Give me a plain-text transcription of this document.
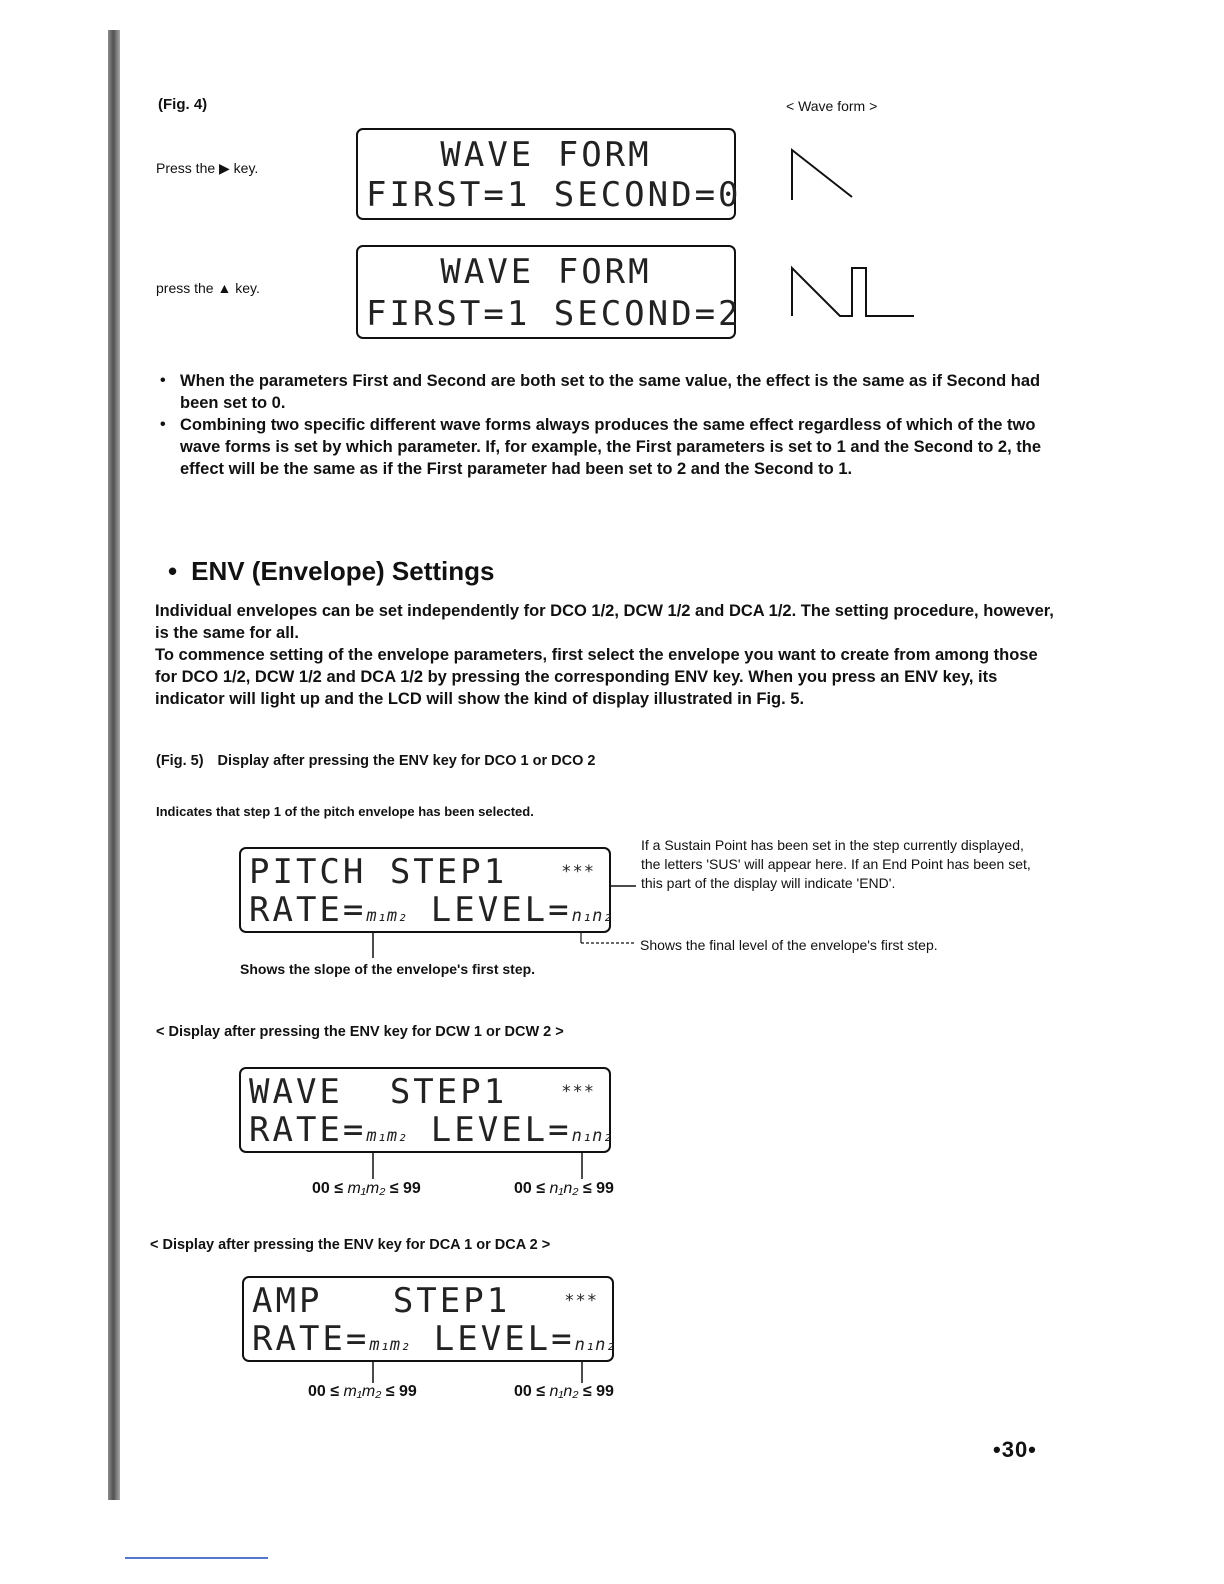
(Fig. 4)	< Wave form >
Press the ▶ key.
press the ▲ key.
WAVE FORM
FIRST=1 SECOND=0
WAVE FORM
FIRST=1 SECOND=2
• When the parameters First and Second are both set to the same value, the effect is the same as if Second had been set to 0.
• Combining two specific different wave forms always produces the same effect regardless of which of the two wave forms is set by which parameter. If, for example, the First parameters is set to 1 and the Second to 2, the effect will be the same as if the First parameter had been set to 2 and the Second to 1.
• ENV (Envelope) Settings

Individual envelopes can be set independently for DCO 1/2, DCW 1/2 and DCA 1/2. The setting procedure, however, is the same for all.

To commence setting of the envelope parameters, first select the envelope you want to create from among those for DCO 1/2, DCW 1/2 and DCA 1/2 by pressing the corresponding ENV key. When you press an ENV key, its indicator will light up and the LCD will show the kind of display illustrated in Fig. 5.

(Fig. 5) Display after pressing the ENV key for DCO 1 or DCO 2
Indicates that step 1 of the pitch envelope has been selected.
PITCH STEP1	***
RATE=m₁m₂ LEVEL=n₁n₂
If a Sustain Point has been set in the step currently displayed, the letters 'SUS' will appear here. If an End Point has been set, this part of the display will indicate 'END'.
Shows the final level of the envelope's first step.
Shows the slope of the envelope's first step.
< Display after pressing the ENV key for DCW 1 or DCW 2 >
WAVE  STEP1	***
RATE=m₁m₂ LEVEL=n₁n₂
00 ≤ m₁m₂ ≤ 99	00 ≤ n₁n₂ ≤ 99
< Display after pressing the ENV key for DCA 1 or DCA 2 >
AMP   STEP1	***
RATE=m₁m₂ LEVEL=n₁n₂
00 ≤ m₁m₂ ≤ 99	00 ≤ n₁n₂ ≤ 99
•30•
